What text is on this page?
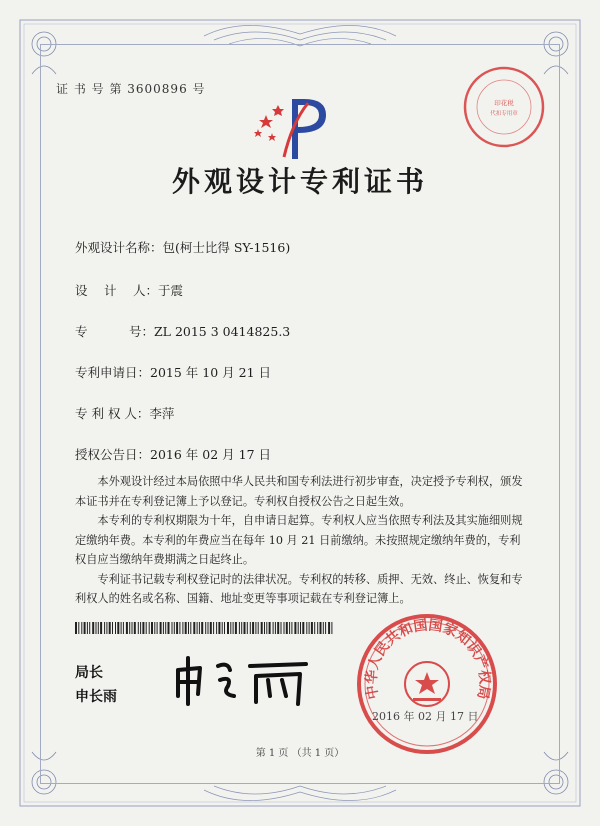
证 书 号 第 3600896 号
外观设计专利证书
外观设计名称：包(柯士比得 SY-1516)
设　 计　 人：于震
专　　　 号：ZL 2015 3 0414825.3
专利申请日：2015 年 10 月 21 日
专 利 权 人：李萍
授权公告日：2016 年 02 月 17 日

本外观设计经过本局依照中华人民共和国专利法进行初步审查，决定授予专利权，颁发本证书并在专利登记簿上予以登记。专利权自授权公告之日起生效。

本专利的专利权期限为十年，自申请日起算。专利权人应当依照专利法及其实施细则规定缴纳年费。本专利的年费应当在每年 10 月 21 日前缴纳。未按照规定缴纳年费的，专利权自应当缴纳年费期满之日起终止。

专利证书记载专利权登记时的法律状况。专利权的转移、质押、无效、终止、恢复和专利权人的姓名或名称、国籍、地址变更等事项记载在专利登记簿上。

局长
申长雨	中华人民共和国国家知识产权局
2016 年 02 月 17 日
印花税
代扣专用章
第 1 页 （共 1 页）
